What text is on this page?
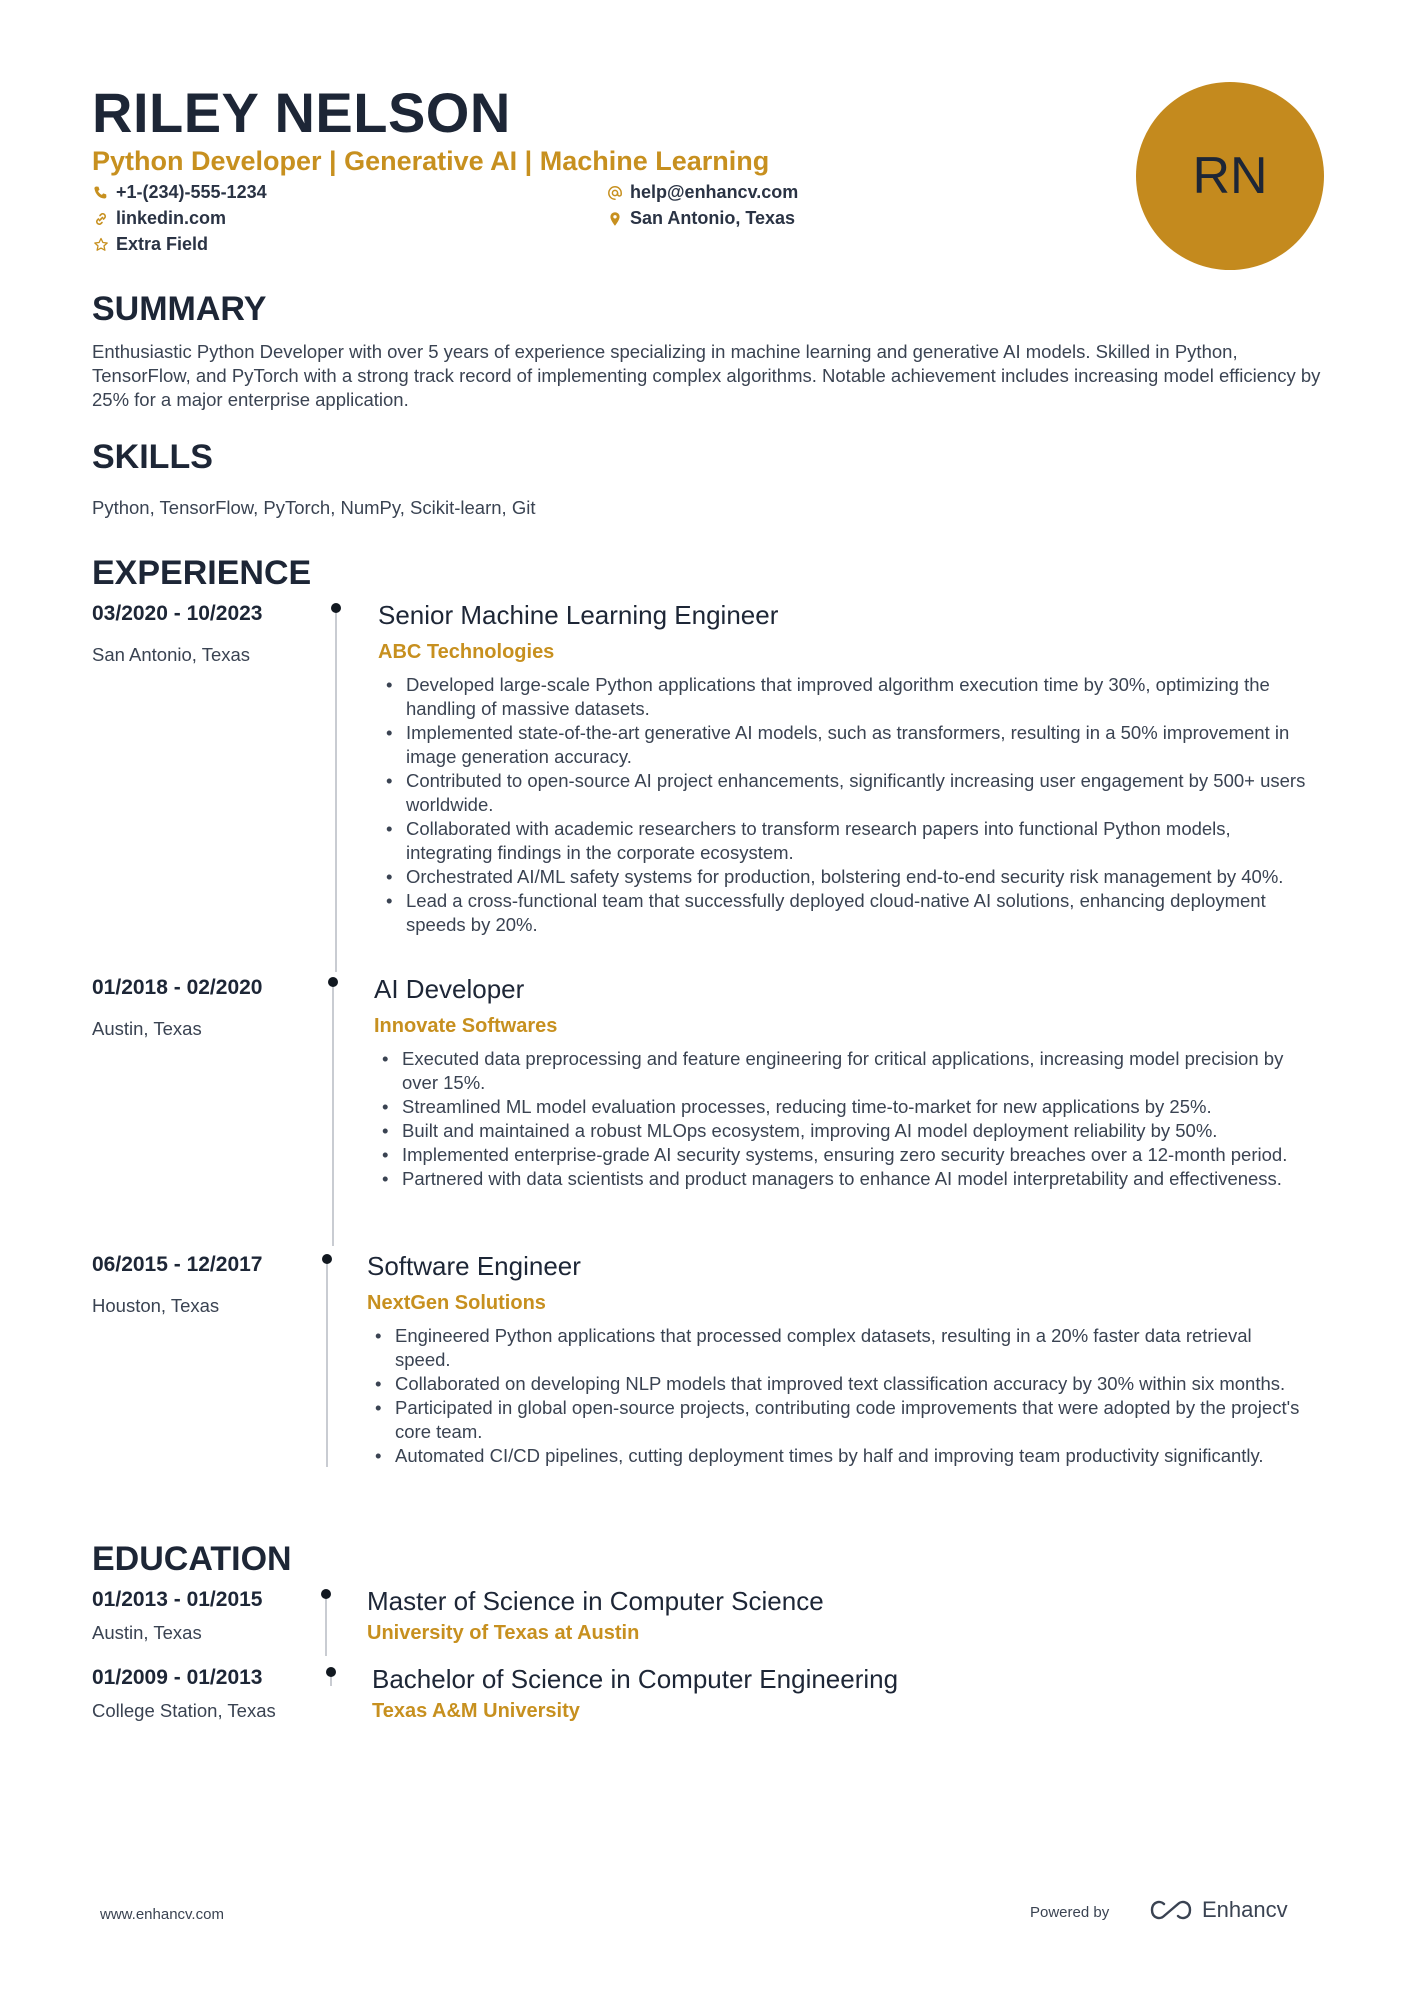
RILEY NELSON
Python Developer | Generative AI | Machine Learning
+1-(234)-555-1234
linkedin.com
Extra Field
help@enhancv.com
San Antonio, Texas
RN
SUMMARY
Enthusiastic Python Developer with over 5 years of experience specializing in machine learning and generative AI models. Skilled in Python, TensorFlow, and PyTorch with a strong track record of implementing complex algorithms. Notable achievement includes increasing model efficiency by 25% for a major enterprise application.
SKILLS
Python, TensorFlow, PyTorch, NumPy, Scikit-learn, Git
EXPERIENCE
03/2020 - 10/2023
San Antonio, Texas
Senior Machine Learning Engineer
ABC Technologies
• Developed large-scale Python applications that improved algorithm execution time by 30%, optimizing the handling of massive datasets.
• Implemented state-of-the-art generative AI models, such as transformers, resulting in a 50% improvement in image generation accuracy.
• Contributed to open-source AI project enhancements, significantly increasing user engagement by 500+ users worldwide.
• Collaborated with academic researchers to transform research papers into functional Python models, integrating findings in the corporate ecosystem.
• Orchestrated AI/ML safety systems for production, bolstering end-to-end security risk management by 40%.
• Lead a cross-functional team that successfully deployed cloud-native AI solutions, enhancing deployment speeds by 20%.
01/2018 - 02/2020
Austin, Texas
AI Developer
Innovate Softwares
• Executed data preprocessing and feature engineering for critical applications, increasing model precision by over 15%.
• Streamlined ML model evaluation processes, reducing time-to-market for new applications by 25%.
• Built and maintained a robust MLOps ecosystem, improving AI model deployment reliability by 50%.
• Implemented enterprise-grade AI security systems, ensuring zero security breaches over a 12-month period.
• Partnered with data scientists and product managers to enhance AI model interpretability and effectiveness.
06/2015 - 12/2017
Houston, Texas
Software Engineer
NextGen Solutions
• Engineered Python applications that processed complex datasets, resulting in a 20% faster data retrieval speed.
• Collaborated on developing NLP models that improved text classification accuracy by 30% within six months.
• Participated in global open-source projects, contributing code improvements that were adopted by the project's core team.
• Automated CI/CD pipelines, cutting deployment times by half and improving team productivity significantly.
EDUCATION
01/2013 - 01/2015
Austin, Texas
Master of Science in Computer Science
University of Texas at Austin
01/2009 - 01/2013
College Station, Texas
Bachelor of Science in Computer Engineering
Texas A&M University
www.enhancv.com	Powered by	Enhancv
